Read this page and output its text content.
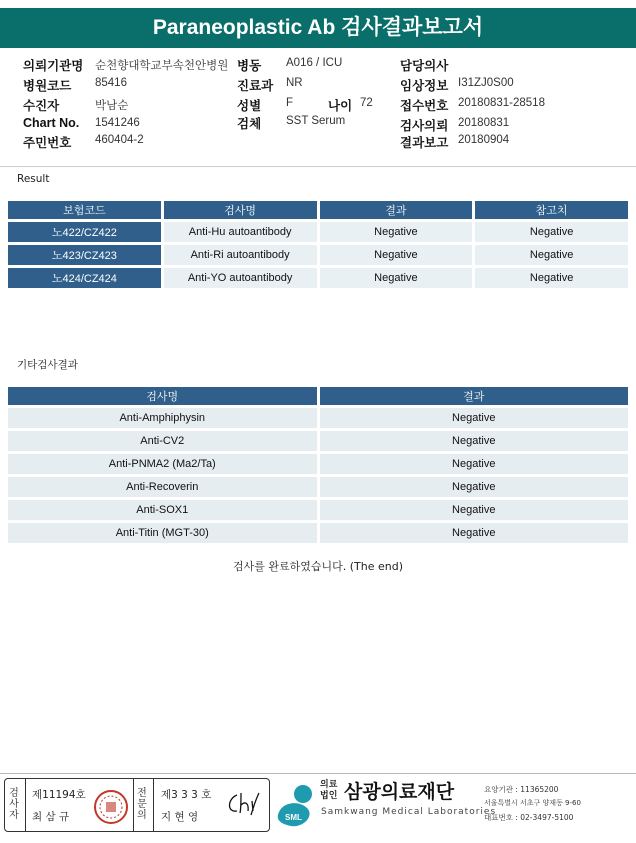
Paraneoplastic Ab 검사결과보고서
의뢰기관명 순천향대학교부속천안병원
병원코드 85416
수진자	박남순
Chart No. 1541246
주민번호 460404-2
병동 A016 / ICU
진료과 NR
성별 F	나이 72
검체 SST Serum
담당의사
임상정보 I31ZJ0S00
접수번호 20180831-28518
검사의뢰 20180831
결과보고 20180904
Result
보험코드	검사명	결과	참고치
노422/CZ422	Anti-Hu autoantibody	Negative	Negative
노423/CZ423	Anti-Ri autoantibody	Negative	Negative
노424/CZ424	Anti-YO autoantibody	Negative	Negative
기타검사결과
검사명	결과
Anti-Amphiphysin	Negative
Anti-CV2	Negative
Anti-PNMA2 (Ma2/Ta)	Negative
Anti-Recoverin	Negative
Anti-SOX1	Negative
Anti-Titin (MGT-30)	Negative
검사를 완료하였습니다. (The end)
검사자
제11194호
최 삼 규
전문의
제3 3 3 호
지 현 영	SML
의료법인 삼광의료재단
Samkwang Medical Laboratories
요양기관 : 11365200
서울특별시 서초구 양재동 9-60
대표번호 : 02-3497-5100
